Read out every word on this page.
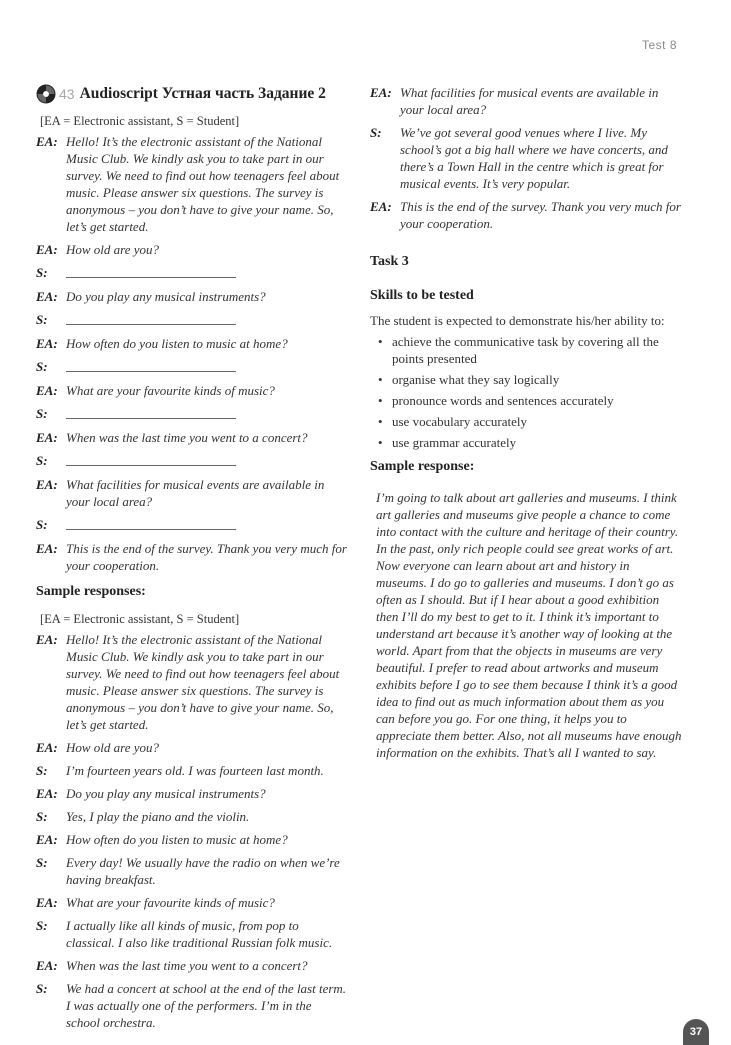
Test 8
43 Audioscript Устная часть Задание 2
[EA = Electronic assistant, S = Student]
EA: Hello! It’s the electronic assistant of the National Music Club. We kindly ask you to take part in our survey. We need to find out how teenagers feel about music. Please answer six questions. The survey is anonymous – you don’t have to give your name. So, let’s get started.
EA: How old are you?
S:
EA: Do you play any musical instruments?
S:
EA: How often do you listen to music at home?
S:
EA: What are your favourite kinds of music?
S:
EA: When was the last time you went to a concert?
S:
EA: What facilities for musical events are available in your local area?
S:
EA: This is the end of the survey. Thank you very much for your cooperation.
Sample responses:
[EA = Electronic assistant, S = Student]
EA: Hello! It’s the electronic assistant of the National Music Club. We kindly ask you to take part in our survey. We need to find out how teenagers feel about music. Please answer six questions. The survey is anonymous – you don’t have to give your name. So, let’s get started.
EA: How old are you?
S:	I’m fourteen years old. I was fourteen last month.
EA: Do you play any musical instruments?
S:	Yes, I play the piano and the violin.
EA: How often do you listen to music at home?
S:	Every day! We usually have the radio on when we’re having breakfast.
EA: What are your favourite kinds of music?
S:	I actually like all kinds of music, from pop to classical. I also like traditional Russian folk music.
EA: When was the last time you went to a concert?
S:	We had a concert at school at the end of the last term. I was actually one of the performers. I’m in the school orchestra.
EA: What facilities for musical events are available in your local area?
S:	We’ve got several good venues where I live. My school’s got a big hall where we have concerts, and there’s a Town Hall in the centre which is great for musical events. It’s very popular.
EA: This is the end of the survey. Thank you very much for your cooperation.
Task 3
Skills to be tested
The student is expected to demonstrate his/her ability to:
• achieve the communicative task by covering all the points presented
• organise what they say logically
• pronounce words and sentences accurately
• use vocabulary accurately
• use grammar accurately
Sample response:
I’m going to talk about art galleries and museums. I think art galleries and museums give people a chance to come into contact with the culture and heritage of their country. In the past, only rich people could see great works of art. Now everyone can learn about art and history in museums. I do go to galleries and museums. I don’t go as often as I should. But if I hear about a good exhibition then I’ll do my best to get to it. I think it’s important to understand art because it’s another way of looking at the world. Apart from that the objects in museums are very beautiful. I prefer to read about artworks and museum exhibits before I go to see them because I think it’s a good idea to find out as much information about them as you can before you go. For one thing, it helps you to appreciate them better. Also, not all museums have enough information on the exhibits. That’s all I wanted to say.
37
